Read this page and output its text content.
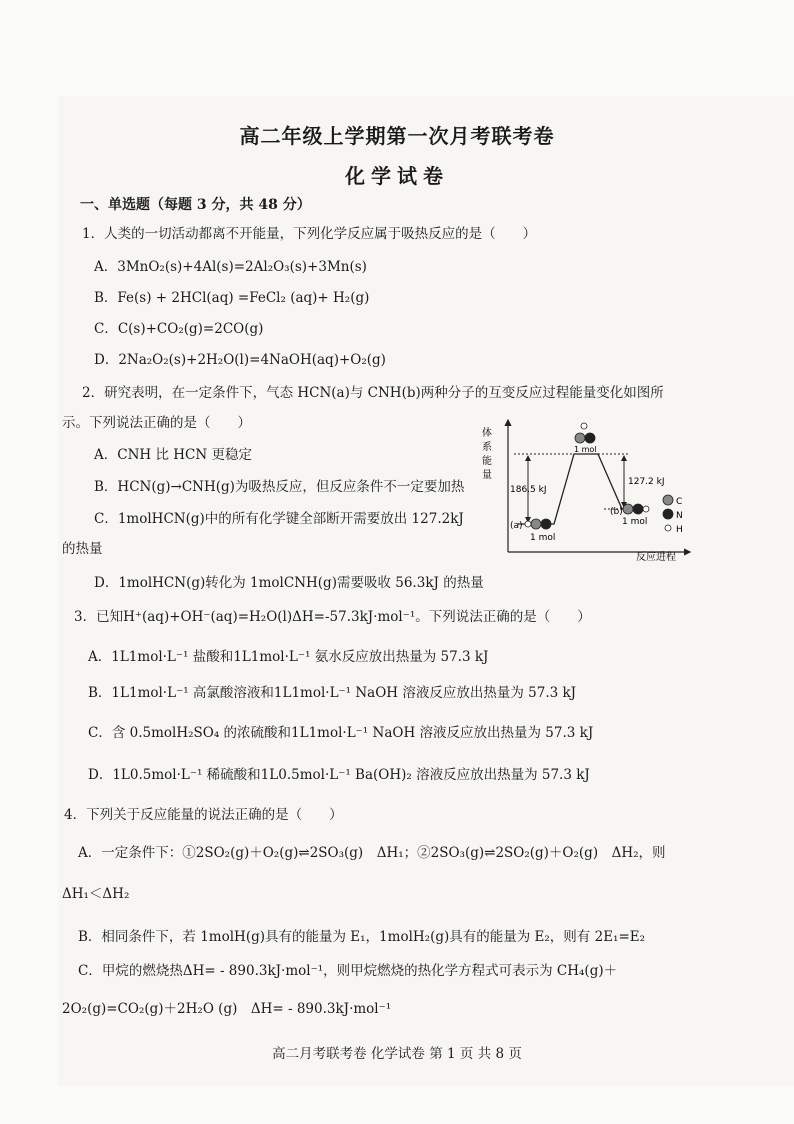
高二年级上学期第一次月考联考卷
化学试卷
一、单选题（每题 3 分，共 48 分）
1．人类的一切活动都离不开能量，下列化学反应属于吸热反应的是（　　）
A．3MnO₂(s)+4Al(s)=2Al₂O₃(s)+3Mn(s)
B．Fe(s) + 2HCl(aq) =FeCl₂ (aq)+ H₂(g)
C．C(s)+CO₂(g)=2CO(g)
D．2Na₂O₂(s)+2H₂O(l)=4NaOH(aq)+O₂(g)
2．研究表明，在一定条件下，气态 HCN(a)与 CNH(b)两种分子的互变反应过程能量变化如图所
示。下列说法正确的是（　　）
A．CNH 比 HCN 更稳定
B．HCN(g)→CNH(g)为吸热反应，但反应条件不一定要加热
C．1molHCN(g)中的所有化学键全部断开需要放出 127.2kJ
的热量
D．1molHCN(g)转化为 1molCNH(g)需要吸收 56.3kJ 的热量
体
系
能
量
反应进程
186.5 kJ
127.2 kJ
(a)
1 mol
1 mol
(b)
1 mol
C
N
H
3．已知H⁺(aq)+OH⁻(aq)=H₂O(l)ΔH=-57.3kJ·mol⁻¹。下列说法正确的是（　　）
A．1L1mol·L⁻¹ 盐酸和1L1mol·L⁻¹ 氨水反应放出热量为 57.3 kJ
B．1L1mol·L⁻¹ 高氯酸溶液和1L1mol·L⁻¹ NaOH 溶液反应放出热量为 57.3 kJ
C．含 0.5molH₂SO₄ 的浓硫酸和1L1mol·L⁻¹ NaOH 溶液反应放出热量为 57.3 kJ
D．1L0.5mol·L⁻¹ 稀硫酸和1L0.5mol·L⁻¹ Ba(OH)₂ 溶液反应放出热量为 57.3 kJ
4．下列关于反应能量的说法正确的是（　　）
A．一定条件下：①2SO₂(g)＋O₂(g)⇌2SO₃(g)　ΔH₁；②2SO₃(g)⇌2SO₂(g)＋O₂(g)　ΔH₂，则
ΔH₁＜ΔH₂
B．相同条件下，若 1molH(g)具有的能量为 E₁，1molH₂(g)具有的能量为 E₂，则有 2E₁=E₂
C．甲烷的燃烧热ΔH= - 890.3kJ·mol⁻¹，则甲烷燃烧的热化学方程式可表示为 CH₄(g)＋
2O₂(g)=CO₂(g)＋2H₂O (g)　ΔH= - 890.3kJ·mol⁻¹
高二月考联考卷 化学试卷 第 1 页 共 8 页
